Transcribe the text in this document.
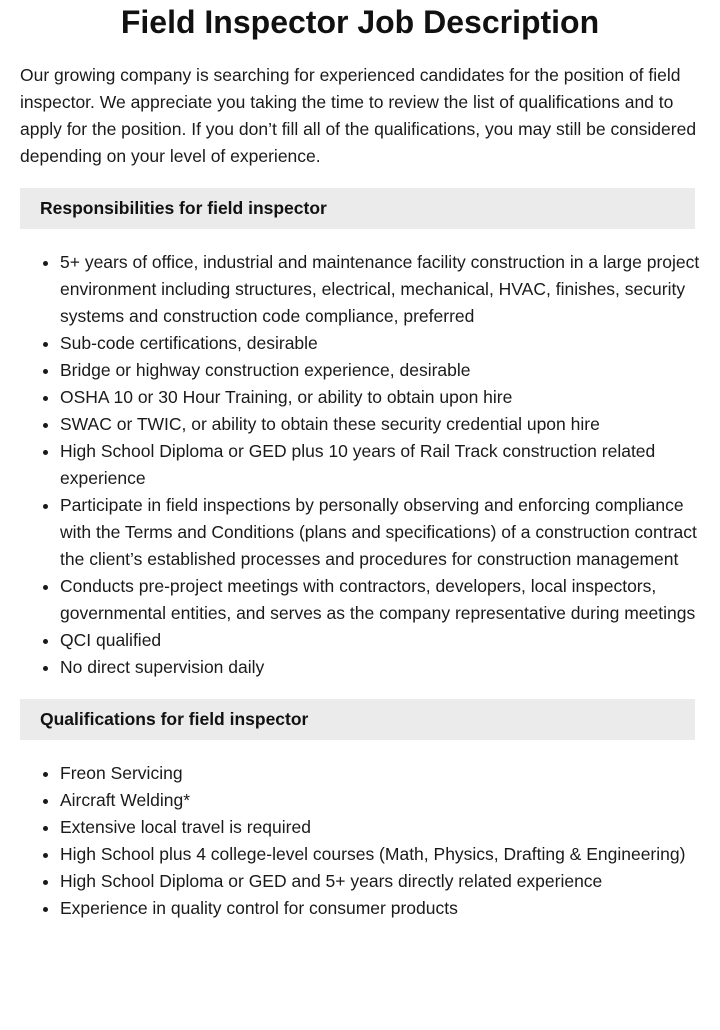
Field Inspector Job Description

Our growing company is searching for experienced candidates for the position of field inspector. We appreciate you taking the time to review the list of qualifications and to apply for the position. If you don’t fill all of the qualifications, you may still be considered depending on your level of experience.

Responsibilities for field inspector
• 5+ years of office, industrial and maintenance facility construction in a large project environment including structures, electrical, mechanical, HVAC, finishes, security systems and construction code compliance, preferred
• Sub-code certifications, desirable
• Bridge or highway construction experience, desirable
• OSHA 10 or 30 Hour Training, or ability to obtain upon hire
• SWAC or TWIC, or ability to obtain these security credential upon hire
• High School Diploma or GED plus 10 years of Rail Track construction related experience
• Participate in field inspections by personally observing and enforcing compliance with the Terms and Conditions (plans and specifications) of a construction contract the client’s established processes and procedures for construction management
• Conducts pre-project meetings with contractors, developers, local inspectors, governmental entities, and serves as the company representative during meetings
• QCI qualified
• No direct supervision daily
Qualifications for field inspector
• Freon Servicing
• Aircraft Welding*
• Extensive local travel is required
• High School plus 4 college-level courses (Math, Physics, Drafting & Engineering)
• High School Diploma or GED and 5+ years directly related experience
• Experience in quality control for consumer products
